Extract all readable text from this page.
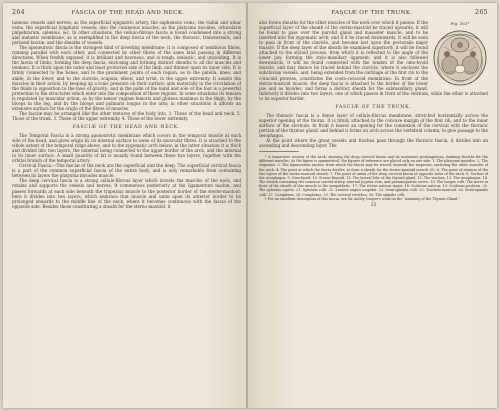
264	FASCIA OF THE HEAD AND NECK.

taneous vessels and nerves; as the superficial epigastric artery, the saphenous veins, the radial and ulnar veins, the superficial lymphatic vessels; also the cutaneous muscles, as the platysma myoides, orbicularis palpebrarum, splenius, &c. In other situations, the cellulo-fibrous fascia is found condensed into a strong and inelastic membrane, as is exemplified in the deep fascia of the neck, the thoracic, transversalis, and perineal fasciæ, and the sheaths of vessels.

The aponeurotic fascia is the strongest kind of investing membrane; it is composed of tendinous fibres, running parallel with each other, and connected by other fibres of the same kind passing in different directions. When freshly exposed, it is brilliant and nacreous, and is tough, inelastic, and unyielding. It is the fascia of limbs, forming the deep fascia, enclosing and forming distinct sheaths to all the muscles and tendons. It is thick upon the outer and least protected side of the limb, and thinner upon its inner side. It is firmly connected to the bones, and to the prominent points of each region, as to the patella, knee, and ankle, in the lower, and to the clavicle, scapula, elbow, and wrist, in the upper extremity. It assists the muscles in their action, by keeping up a tonic pressure on their surface; aids materially in the circulation of the fluids in opposition to the laws of gravity; and in the palm of the hand and sole of the foot is a powerful protection to the structures which enter into the composition of these regions. In some situations its tension is regulated by muscular action, as by the tensor vaginæ femoris and gluteus maximus in the thigh, by the biceps in the leg, and by the biceps and palmaris longus in the arm; in other situations it affords an extensive surface for the origin of the fibres of muscles.

The fasciæ may be arranged like the other textures of the body into, 1. Those of the head and neck. 2. Those of the trunk. 3. Those of the upper extremity. 4. Those of the lower extremity.

FASCIÆ OF THE HEAD AND NECK.

The Temporal Fascia is a strong aponeurotic membrane which covers in the temporal muscle at each side of the head, and gives origin by its internal surface to some of its muscular fibres. It is attached to the whole extent of the temporal ridge above, and to the zygomatic arch below; in the latter situation it is thick and divided into two layers, the external being connected to the upper border of the arch, and the internal to its inner surface. A small quantity of fat is usually found between these two layers, together with the orbital branch of the temporal artery.

Cervical Fascia.—The fasciæ of the neck are the superficial and the deep. The superficial cervical fascia is a part of the common superficial fascia of the entire body, and is only remarkable from containing between its layers the platysma myoides muscle.

The deep cervical fascia is a strong cellulo-fibrous layer which invests the muscles of the neck, and retains and supports the vessels and nerves. It commences posteriorly at the ligamentum nuchæ, and passes forwards at each side beneath the trapezius muscle to the posterior border of the sterno-mastoid; here it divides into two layers, which embrace that muscle and unite upon its anterior border to be prolonged onwards to the middle line of the neck, where it becomes continuous with the fascia of the opposite side. Besides those constituting a sheath for the sterno-mastoid, it

FASCIÆ OF THE TRUNK.	265
Fig. 161*

also forms sheaths for the other muscles of the neck over which it passes. If the superficial layer of the sheath of the sterno-mastoid be traced upwards, it will be found to pass over the parotid gland and masseter muscle, and to be inserted into the zygomatic arch; and if it be traced downwards, it will be seen to pass in front of the clavicle, and become lost upon the pectoralis major muscle. If the deep layer of the sheath be examined superiorly, it will be found attached to the styloid process, from which it is reflected to the angle of the lower jaw, forming the stylo-maxillary ligament; and it is also followed downwards, it will be found connected with the tendon of the omo-hyoid muscle, and may thence be traced behind the clavicle, where it encloses the subclavian vessels, and, being extended from the cartilage of the first rib to the coracoid process, constitutes the costo-coracoid membrane. In front of the sterno-mastoid muscle, the deep fascia is attached to the border of the lower jaw and os hyoides, and forms a distinct sheath for the submaxillary gland. Inferiorly it divides into two layers, one of which passes in front of the sternum, while the other is attached to its superior border.

FASCIÆ OF THE TRUNK.

The thoracic fascia is a dense layer of cellulo-fibrous membrane, stretched horizontally across the superior opening of the thorax. It is firmly attached to the concave margin of the first rib, and to the inner surface of the sternum. In front it leaves an opening for the connexion of the cervical with the thoracic portion of the thymus gland, and behind it forms an arch across the vertebral column, to give passage to the œsophagus.

At the point where the great vessels and trachea pass through the thoracic fascia, it divides into an ascending and descending layer. The

* A transverse section of the neck, showing the deep cervical fascia and its numerous prolongations, forming sheaths for the different muscles. As the figure is symmetrical, the figures of reference are placed only on one side. 1. The platysma myoides. 2. The trapezius. 3. The ligamentum nuchæ, from which the fascia may be traced: beneath the trapezius, enclosing the other muscles of the neck. 4. The point at which the fascia divides, to form a sheath for the sterno-mastoid muscle (5). 6. The point of reunion of the two layers of the sterno-mastoid sheath. 7. The point of union of the deep cervical fascia of opposite sides of the neck. 8. Section of the œsophagus. 9. Omo-hyoid. 10. Sterno-thyroid. 11. The lateral lobe of the thyroid gland. 12. The trachea. 13. The œsophagus. 14. The sheath containing the common carotid artery, internal jugular vein, and pneumogastric nerve. 15. The longus colli. The nerve in front of the sheath of this muscle is the sympathetic. 17. The rectus anticus major. 18. Scalenus anticus. 19. Scalenus posticus. 20. The splenius capitis. 21. Splenius colli. 22. Levator anguli scapulæ. 23. Semi-spinalis colli. 25. Trachelo-mastoid. 26. Semi-spinalis colli. 27. Complexus. 28. Complexus. 29. The cervical vertebra. 30. The spinalis colli.

† For an excellent description of this fascia, see Sir Astley Cooper's work on the "Anatomy of the Thymus Gland."

23
